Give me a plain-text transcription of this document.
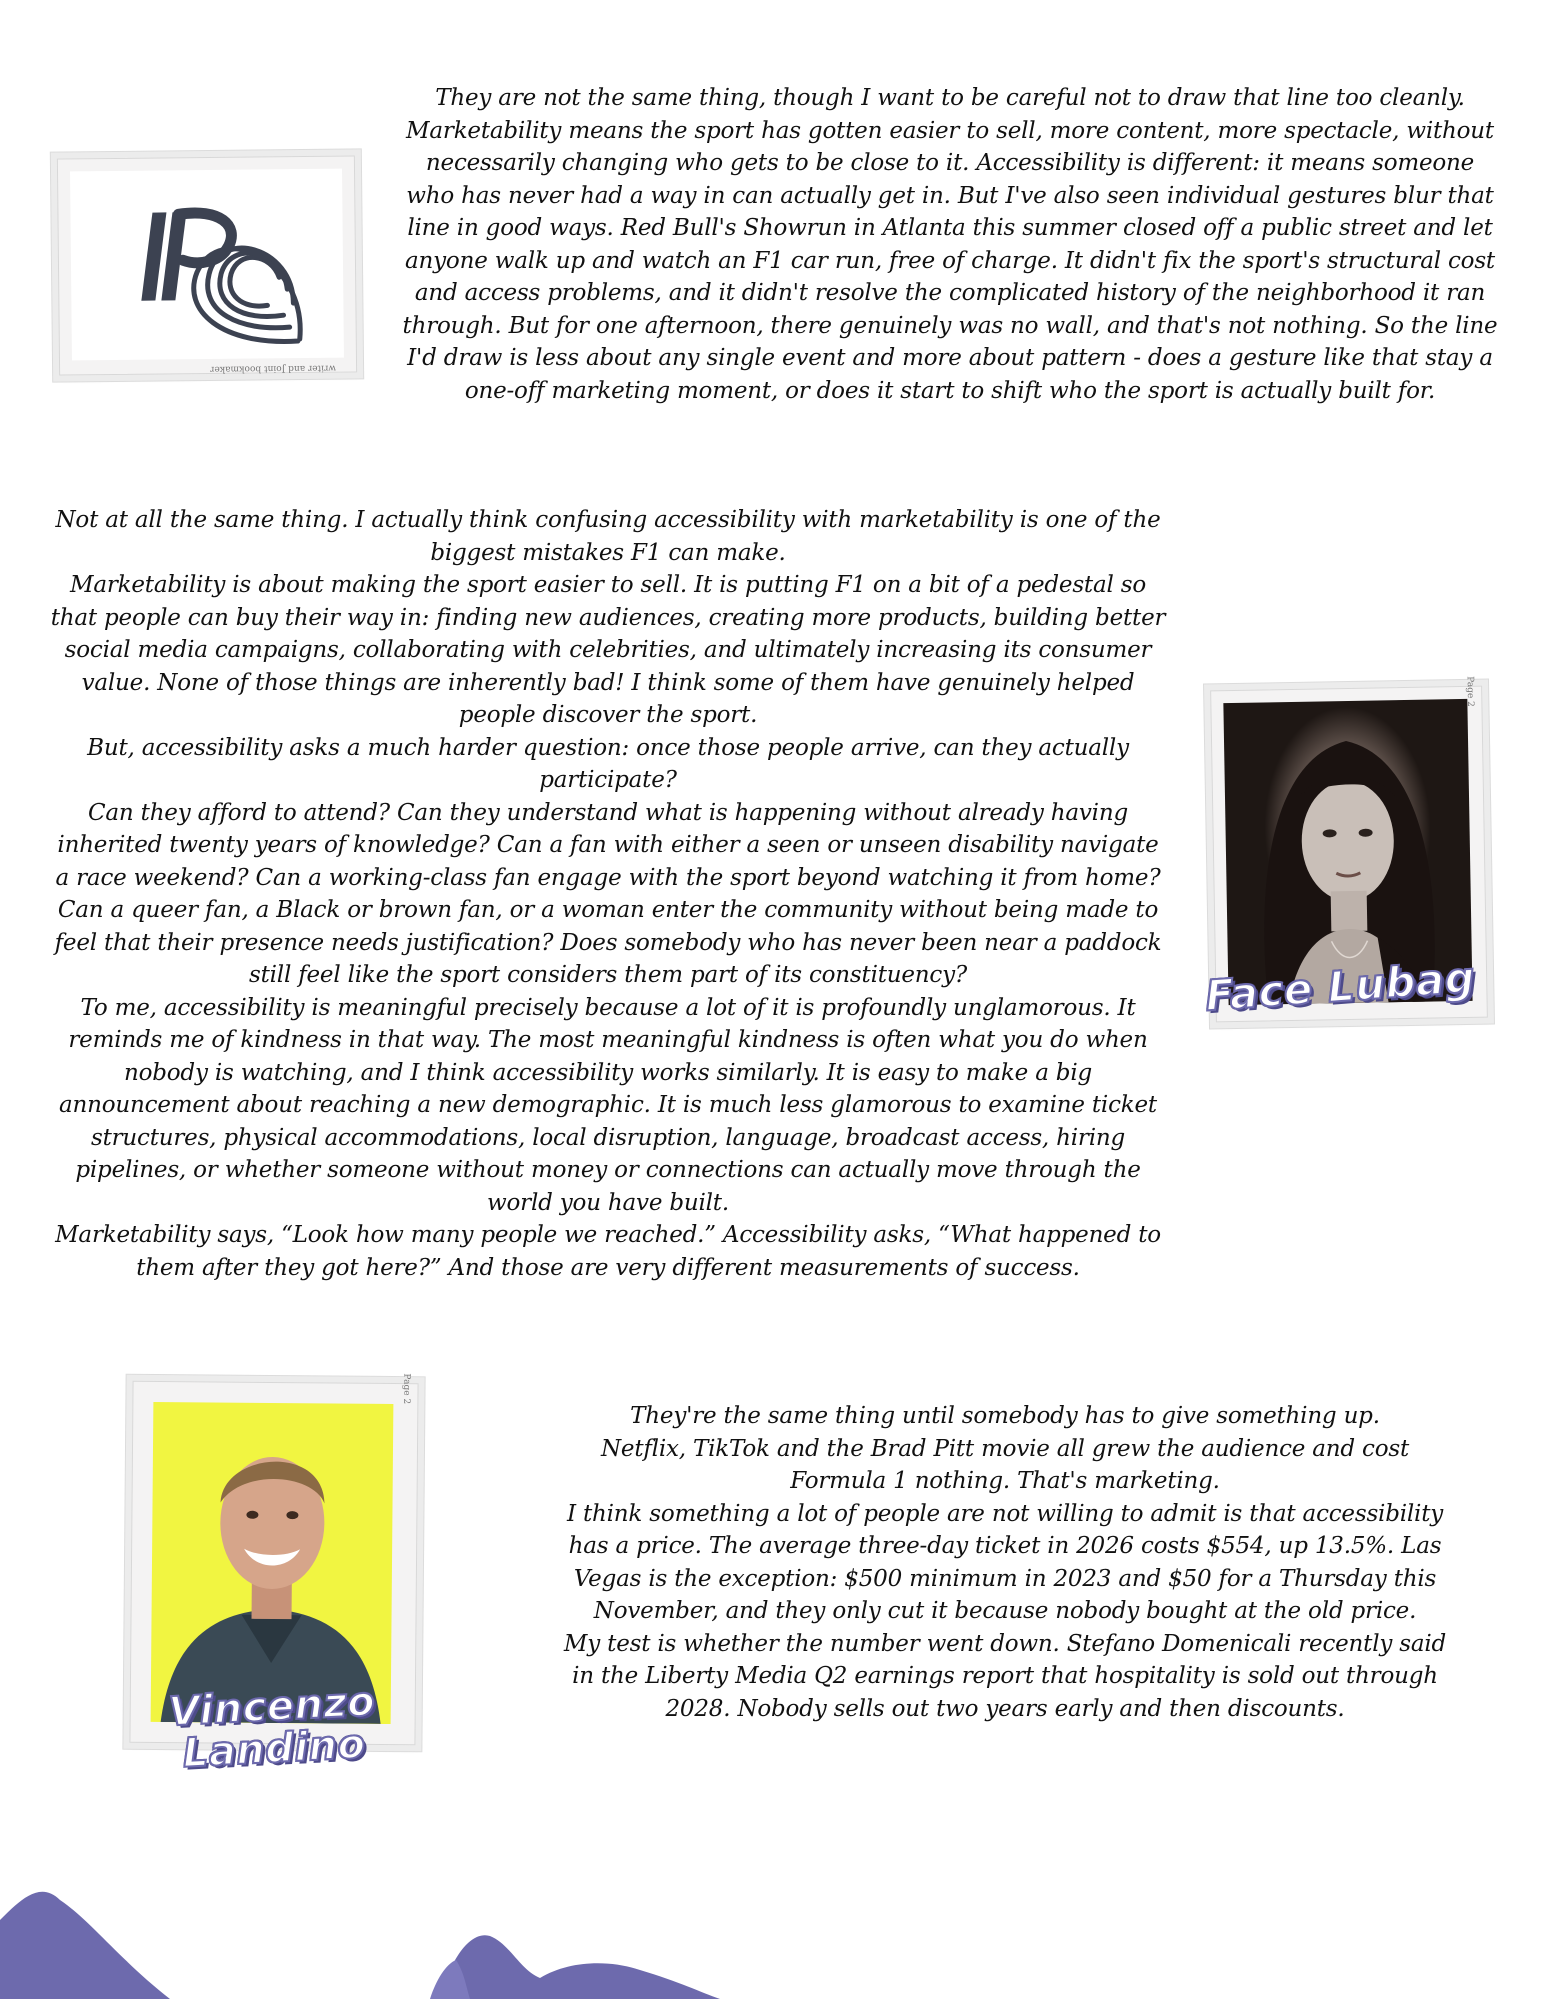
writer and Joint bookmaker

They are not the same thing, though I want to be careful not to draw that line too cleanly. Marketability means the sport has gotten easier to sell, more content, more spectacle, without necessarily changing who gets to be close to it. Accessibility is different: it means someone who has never had a way in can actually get in. But I've also seen individual gestures blur that line in good ways. Red Bull's Showrun in Atlanta this summer closed off a public street and let anyone walk up and watch an F1 car run, free of charge. It didn't fix the sport's structural cost and access problems, and it didn't resolve the complicated history of the neighborhood it ran through. But for one afternoon, there genuinely was no wall, and that's not nothing. So the line I'd draw is less about any single event and more about pattern - does a gesture like that stay a one-off marketing moment, or does it start to shift who the sport is actually built for.

Not at all the same thing. I actually think confusing accessibility with marketability is one of the biggest mistakes F1 can make.

Marketability is about making the sport easier to sell. It is putting F1 on a bit of a pedestal so that people can buy their way in: finding new audiences, creating more products, building better social media campaigns, collaborating with celebrities, and ultimately increasing its consumer value. None of those things are inherently bad! I think some of them have genuinely helped people discover the sport.

But, accessibility asks a much harder question: once those people arrive, can they actually participate?

Can they afford to attend? Can they understand what is happening without already having inherited twenty years of knowledge? Can a fan with either a seen or unseen disability navigate a race weekend? Can a working-class fan engage with the sport beyond watching it from home? Can a queer fan, a Black or brown fan, or a woman enter the community without being made to feel that their presence needs justification? Does somebody who has never been near a paddock still feel like the sport considers them part of its constituency?

To me, accessibility is meaningful precisely because a lot of it is profoundly unglamorous. It reminds me of kindness in that way. The most meaningful kindness is often what you do when nobody is watching, and I think accessibility works similarly. It is easy to make a big announcement about reaching a new demographic. It is much less glamorous to examine ticket structures, physical accommodations, local disruption, language, broadcast access, hiring pipelines, or whether someone without money or connections can actually move through the world you have built.

Marketability says, “Look how many people we reached.” Accessibility asks, “What happened to them after they got here?” And those are very different measurements of success.

Page 2
Face Lubag
Page 2
Vincenzo Landino

They're the same thing until somebody has to give something up.

Netflix, TikTok and the Brad Pitt movie all grew the audience and cost Formula 1 nothing. That's marketing.

I think something a lot of people are not willing to admit is that accessibility has a price. The average three-day ticket in 2026 costs $554, up 13.5%. Las Vegas is the exception: $500 minimum in 2023 and $50 for a Thursday this November, and they only cut it because nobody bought at the old price.

My test is whether the number went down. Stefano Domenicali recently said in the Liberty Media Q2 earnings report that hospitality is sold out through 2028. Nobody sells out two years early and then discounts.
